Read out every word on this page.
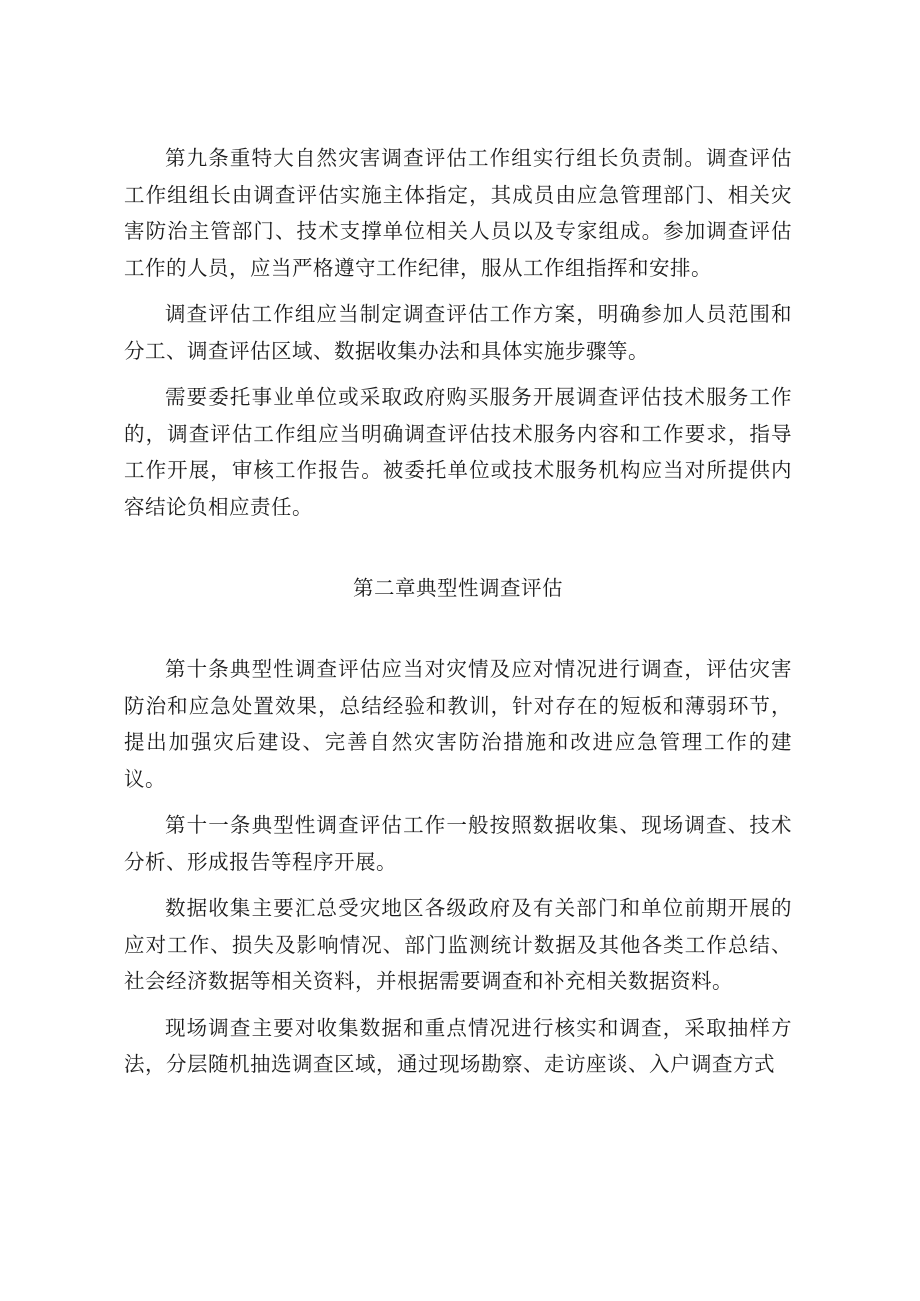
第九条重特大自然灾害调查评估工作组实行组长负责制。调查评估工作组组长由调查评估实施主体指定，其成员由应急管理部门、相关灾害防治主管部门、技术支撑单位相关人员以及专家组成。参加调查评估工作的人员，应当严格遵守工作纪律，服从工作组指挥和安排。

调查评估工作组应当制定调查评估工作方案，明确参加人员范围和分工、调查评估区域、数据收集办法和具体实施步骤等。

需要委托事业单位或采取政府购买服务开展调查评估技术服务工作的，调查评估工作组应当明确调查评估技术服务内容和工作要求，指导工作开展，审核工作报告。被委托单位或技术服务机构应当对所提供内容结论负相应责任。

第二章典型性调查评估

第十条典型性调查评估应当对灾情及应对情况进行调查，评估灾害防治和应急处置效果，总结经验和教训，针对存在的短板和薄弱环节，提出加强灾后建设、完善自然灾害防治措施和改进应急管理工作的建议。

第十一条典型性调查评估工作一般按照数据收集、现场调查、技术分析、形成报告等程序开展。

数据收集主要汇总受灾地区各级政府及有关部门和单位前期开展的应对工作、损失及影响情况、部门监测统计数据及其他各类工作总结、社会经济数据等相关资料，并根据需要调查和补充相关数据资料。

现场调查主要对收集数据和重点情况进行核实和调查，采取抽样方法，分层随机抽选调查区域，通过现场勘察、走访座谈、入户调查方式
